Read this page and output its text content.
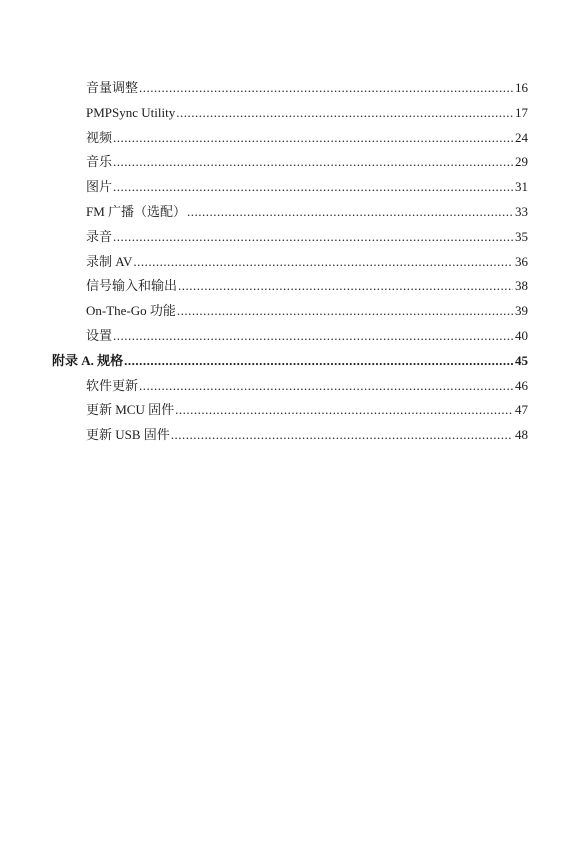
音量调整 .....	16
PMPSync Utility .....	17
视频 .....	24
音乐 .....	29
图片 .....	31
FM 广播（选配） .....	33
录音 .....	35
录制 AV .....	36
信号输入和输出 .....	38
On-The-Go 功能 .....	39
设置 .....	40
附录 A. 规格 .....	45
软件更新 .....	46
更新 MCU 固件 .....	47
更新 USB 固件 .....	48
